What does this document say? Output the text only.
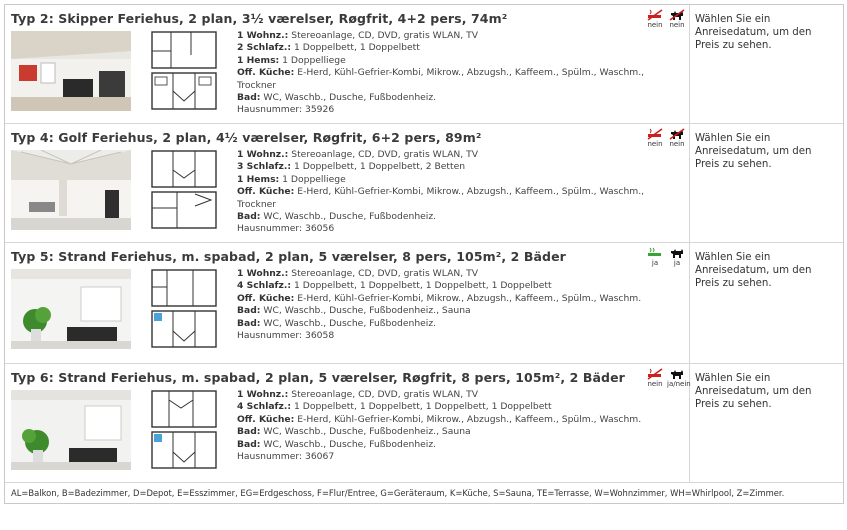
Typ 2: Skipper Feriehus, 2 plan, 3½ værelser, Røgfrit, 4+2 pers, 74m²
1 Wohnz.: Stereoanlage, CD, DVD, gratis WLAN, TV
2 Schlafz.: 1 Doppelbett, 1 Doppelbett
1 Hems: 1 Doppelliege
Off. Küche: E-Herd, Kühl-Gefrier-Kombi, Mikrow., Abzugsh., Kaffeem., Spülm., Waschm., Trockner
Bad: WC, Waschb., Dusche, Fußbodenheiz.
Hausnummer: 35926
nein nein Wählen Sie ein Anreisedatum, um den Preis zu sehen.
Typ 4: Golf Feriehus, 2 plan, 4½ værelser, Røgfrit, 6+2 pers, 89m²
1 Wohnz.: Stereoanlage, CD, DVD, gratis WLAN, TV
3 Schlafz.: 1 Doppelbett, 1 Doppelbett, 2 Betten
1 Hems: 1 Doppelliege
Off. Küche: E-Herd, Kühl-Gefrier-Kombi, Mikrow., Abzugsh., Kaffeem., Spülm., Waschm., Trockner
Bad: WC, Waschb., Dusche, Fußbodenheiz.
Hausnummer: 36056
nein nein Wählen Sie ein Anreisedatum, um den Preis zu sehen.
Typ 5: Strand Feriehus, m. spabad, 2 plan, 5 værelser, 8 pers, 105m², 2 Bäder
1 Wohnz.: Stereoanlage, CD, DVD, gratis WLAN, TV
4 Schlafz.: 1 Doppelbett, 1 Doppelbett, 1 Doppelbett, 1 Doppelbett
Off. Küche: E-Herd, Kühl-Gefrier-Kombi, Mikrow., Abzugsh., Kaffeem., Spülm., Waschm.
Bad: WC, Waschb., Dusche, Fußbodenheiz., Sauna
Bad: WC, Waschb., Dusche, Fußbodenheiz.
Hausnummer: 36058
ja	ja	Wählen Sie ein Anreisedatum, um den Preis zu sehen.
Typ 6: Strand Feriehus, m. spabad, 2 plan, 5 værelser, Røgfrit, 8 pers, 105m², 2 Bäder
1 Wohnz.: Stereoanlage, CD, DVD, gratis WLAN, TV
4 Schlafz.: 1 Doppelbett, 1 Doppelbett, 1 Doppelbett, 1 Doppelbett
Off. Küche: E-Herd, Kühl-Gefrier-Kombi, Mikrow., Abzugsh., Kaffeem., Spülm., Waschm.
Bad: WC, Waschb., Dusche, Fußbodenheiz., Sauna
Bad: WC, Waschb., Dusche, Fußbodenheiz.
Hausnummer: 36067
nein ja/nein Wählen Sie ein Anreisedatum, um den Preis zu sehen.
AL=Balkon, B=Badezimmer, D=Depot, E=Esszimmer, EG=Erdgeschoss, F=Flur/Entree, G=Geräteraum, K=Küche, S=Sauna, TE=Terrasse, W=Wohnzimmer, WH=Whirlpool, Z=Zimmer.
